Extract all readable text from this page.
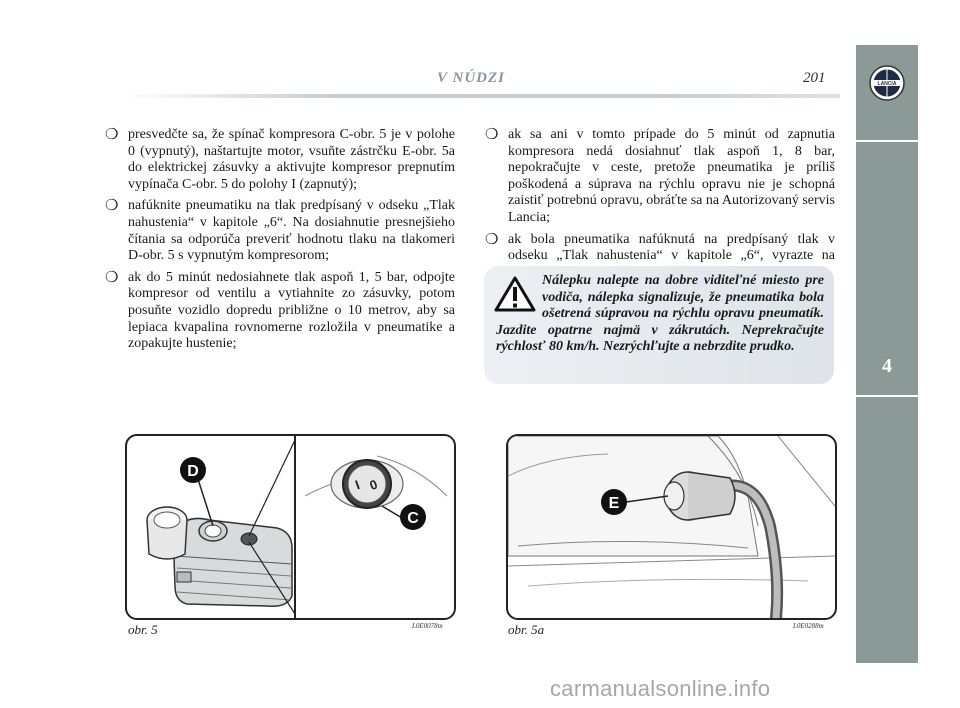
V NÚDZI	201	LANCIA
4
❍ presvedčte sa, že spínač kompresora C-obr. 5 je v polohe 0 (vypnutý), naštartujte motor, vsuňte zástrčku E-obr. 5a do elektrickej zásuvky a aktivujte kompresor prepnutím vypínača C-obr. 5 do polohy I (zapnutý);
❍ nafúknite pneumatiku na tlak predpísaný v odseku „Tlak nahustenia“ v kapitole „6“. Na dosiahnutie presnejšieho čítania sa odporúča preveriť hodnotu tlaku na tlakomeri D-obr. 5 s vypnutým kompresorom;
❍ ak do 5 minút nedosiahnete tlak aspoň 1, 5 bar, odpojte kompresor od ventilu a vytiahnite zo zásuvky, potom posuňte vozidlo dopredu približne o 10 metrov, aby sa lepiaca kvapalina rovnomerne rozložila v pneumatike a zopakujte hustenie;
❍ ak sa ani v tomto prípade do 5 minút od zapnutia kompresora nedá dosiahnuť tlak aspoň 1, 8 bar, nepokračujte v ceste, pretože pneumatika je príliš poškodená a súprava na rýchlu opravu nie je schopná zaistiť potrebnú opravu, obráťte sa na Autorizovaný servis Lancia;
❍ ak bola pneumatika nafúknutá na predpísaný tlak v odseku „Tlak nahustenia“ v kapitole „6“, vyrazte na
Nálepku nalepte na dobre viditeľné miesto pre vodiča, nálepka signalizuje, že pneumatika bola ošetrená súpravou na rýchlu opravu pneumatík. Jazdite opatrne najmä v zákrutách. Neprekračujte rýchlosť 80 km/h. Nezrýchľujte a nebrzdite prudko.
D
I 0
C
obr. 5	L0E0078m
E
obr. 5a	L0E0288m
carmanualsonline.info
